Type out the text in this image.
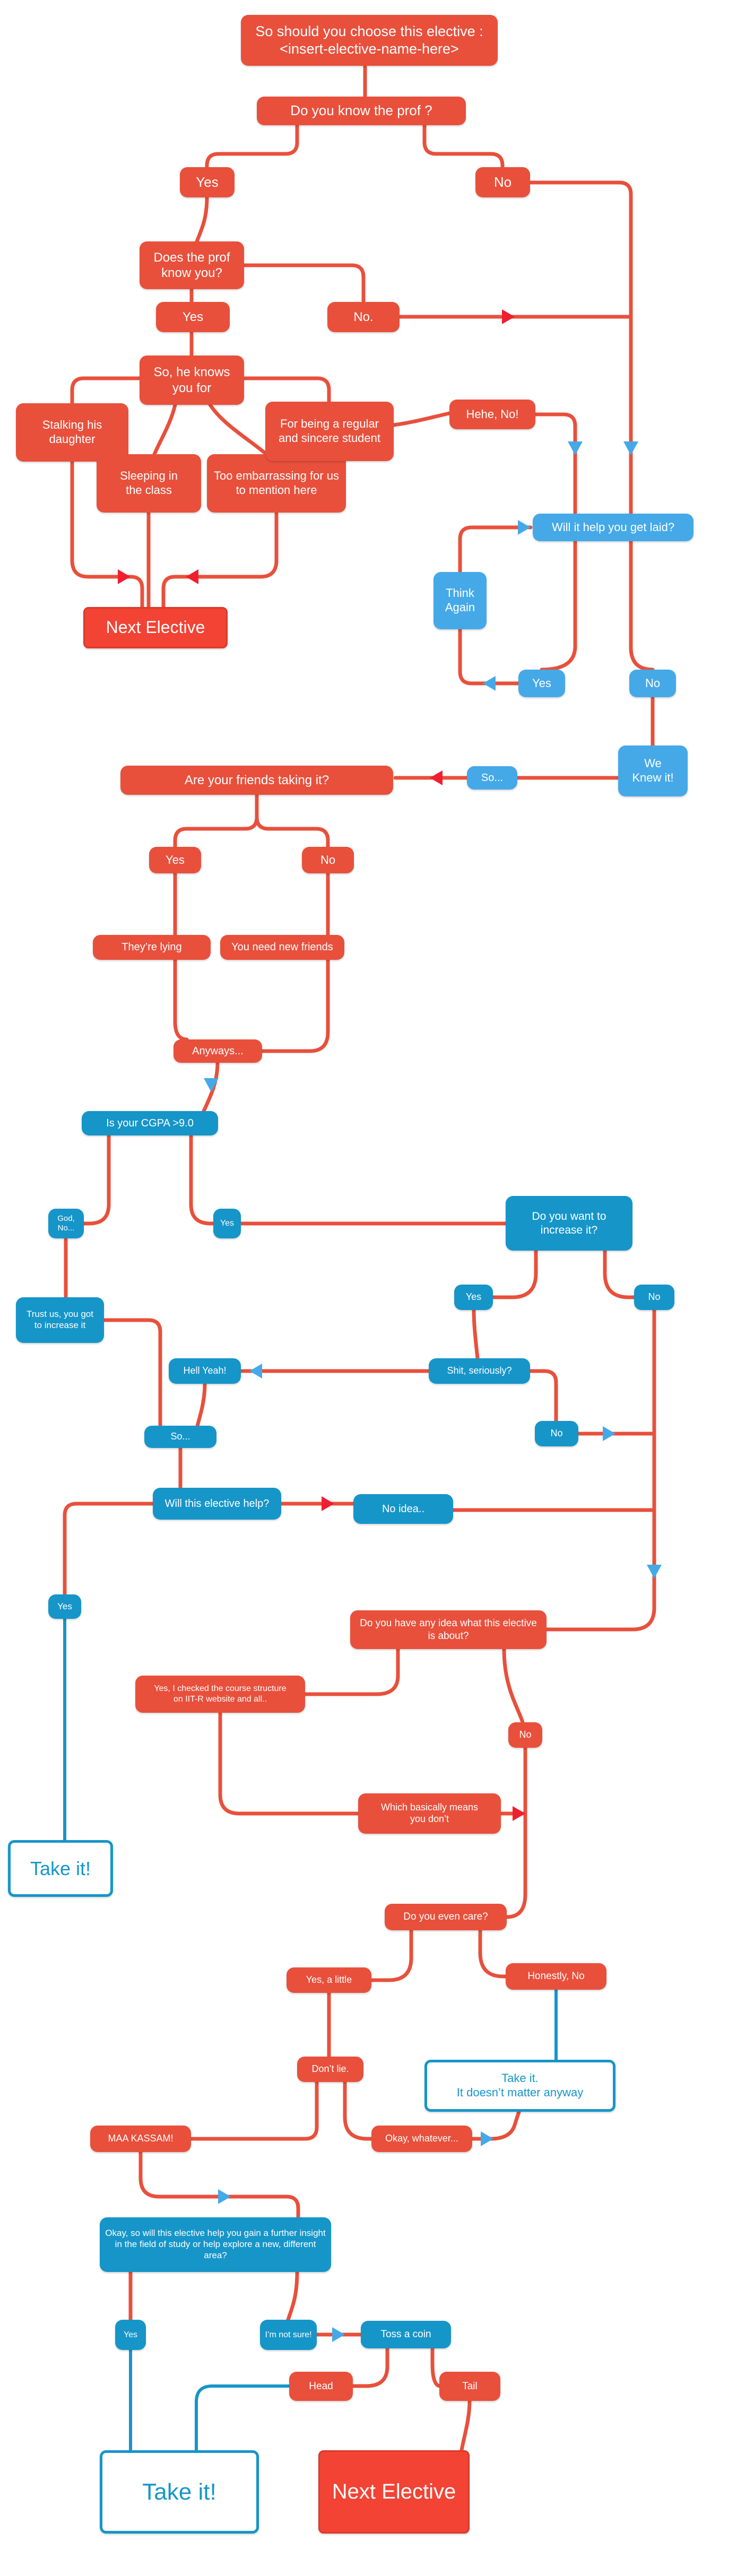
So should you choose this elective :
<insert-elective-name-here>
Do you know the prof ?
Yes	No
Does the prof
know you?
Yes	No.
So, he knows
you for
Stalking his
daughter
Sleeping in
the class
Too embarrassing for us
to mention here
For being a regular
and sincere student
Hehe, No!
Next Elective
Will it help you get laid?
Think
Again
Yes	No
We
Knew it!
So...
Are your friends taking it?
Yes	No
They’re lying	You need new friends
Anyways...
Is your CGPA >9.0
God, No...
Yes
Do you want to
increase it?
Trust us, you got
to increase it
Yes	No
Hell Yeah!	Shit, seriously?
No
So...
Will this elective help?	No idea..
Yes
Do you have any idea what this elective
is about?
Yes, I checked the course structure
on IIT-R website and all..
No
Which basically means
you don’t
Take it!
Do you even care?
Yes, a little	Honestly, No
Don’t lie.
Take it.
It doesn’t matter anyway
MAA KASSAM!	Okay, whatever...
Okay, so will this elective help you gain a further insight
in the field of study or help explore a new, different area?
Yes	I’m not sure!	Toss a coin
Head	Tail
Take it!	Next Elective
